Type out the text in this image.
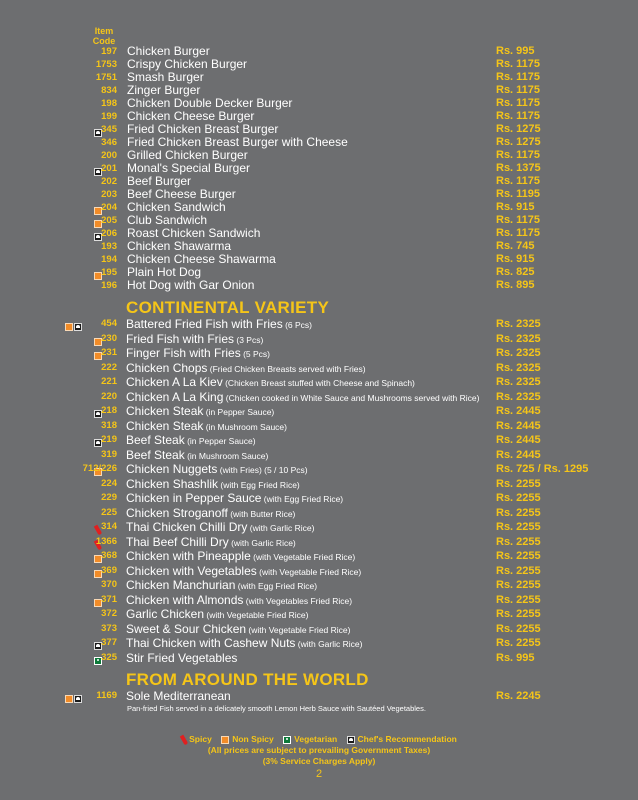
Item
Code
197 Chicken Burger	Rs. 995
1753 Crispy Chicken Burger	Rs. 1175
1751 Smash Burger	Rs. 1175
834 Zinger Burger	Rs. 1175
198 Chicken Double Decker Burger	Rs. 1175
199 Chicken Cheese Burger	Rs. 1175
345 Fried Chicken Breast Burger	Rs. 1275
346 Fried Chicken Breast Burger with Cheese	Rs. 1275
200 Grilled Chicken Burger	Rs. 1175
201 Monal's Special Burger	Rs. 1375
202 Beef Burger	Rs. 1175
203 Beef Cheese Burger	Rs. 1195
204 Chicken Sandwich	Rs. 915
205 Club Sandwich	Rs. 1175
206 Roast Chicken Sandwich	Rs. 1175
193 Chicken Shawarma	Rs. 745
194 Chicken Cheese Shawarma	Rs. 915
195 Plain Hot Dog	Rs. 825
196 Hot Dog with Gar Onion	Rs. 895
CONTINENTAL VARIETY
454 Battered Fried Fish with Fries (6 Pcs)	Rs. 2325
230 Fried Fish with Fries (3 Pcs)	Rs. 2325
231 Finger Fish with Fries (5 Pcs)	Rs. 2325
222 Chicken Chops (Fried Chicken Breasts served with Fries)	Rs. 2325
221 Chicken A La Kiev (Chicken Breast stuffed with Cheese and Spinach)	Rs. 2325
220 Chicken A La King (Chicken cooked in White Sauce and Mushrooms served with Rice) Rs. 2325
218 Chicken Steak (in Pepper Sauce)	Rs. 2445
318 Chicken Steak (in Mushroom Sauce)	Rs. 2445
219 Beef Steak (in Pepper Sauce)	Rs. 2445
319 Beef Steak (in Mushroom Sauce)	Rs. 2445
712/226 Chicken Nuggets (with Fries) (5 / 10 Pcs)	Rs. 725 / Rs. 1295
224 Chicken Shashlik (with Egg Fried Rice)	Rs. 2255
229 Chicken in Pepper Sauce (with Egg Fried Rice)	Rs. 2255
225 Chicken Stroganoff (with Butter Rice)	Rs. 2255
314 Thai Chicken Chilli Dry (with Garlic Rice)	Rs. 2255
1366 Thai Beef Chilli Dry (with Garlic Rice)	Rs. 2255
368 Chicken with Pineapple (with Vegetable Fried Rice)	Rs. 2255
369 Chicken with Vegetables (with Vegetable Fried Rice)	Rs. 2255
370 Chicken Manchurian (with Egg Fried Rice)	Rs. 2255
371 Chicken with Almonds (with Vegetables Fried Rice)	Rs. 2255
372 Garlic Chicken (with Vegetable Fried Rice)	Rs. 2255
373 Sweet & Sour Chicken (with Vegetable Fried Rice)	Rs. 2255
377 Thai Chicken with Cashew Nuts (with Garlic Rice)	Rs. 2255
325 Stir Fried Vegetables	Rs. 995
FROM AROUND THE WORLD
1169 Sole Mediterranean	Rs. 2245
Pan-fried Fish served in a delicately smooth Lemon Herb Sauce with Sautéed Vegetables.
Spicy Non Spicy Vegetarian Chef's Recommendation
(All prices are subject to prevailing Government Taxes)
(3% Service Charges Apply)
2
